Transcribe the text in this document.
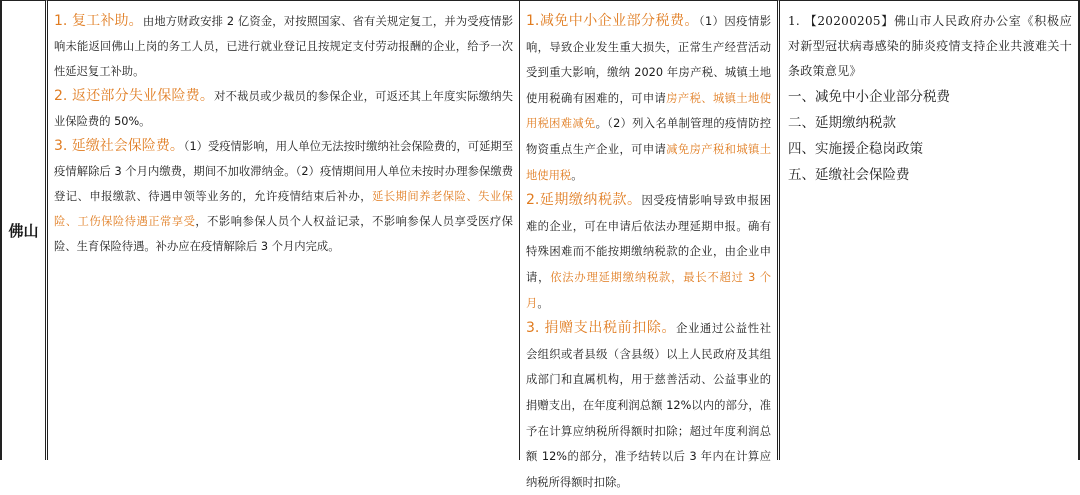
佛山

1. 复工补助。由地方财政安排 2 亿资金，对按照国家、省有关规定复工，并为受疫情影响未能返回佛山上岗的务工人员，已进行就业登记且按规定支付劳动报酬的企业，给予一次性延迟复工补助。

2. 返还部分失业保险费。对不裁员或少裁员的参保企业，可返还其上年度实际缴纳失业保险费的 50%。

3. 延缴社会保险费。（1）受疫情影响，用人单位无法按时缴纳社会保险费的，可延期至疫情解除后 3 个月内缴费，期间不加收滞纳金。（2）疫情期间用人单位未按时办理参保缴费登记、申报缴款、待遇申领等业务的，允许疫情结束后补办，延长期间养老保险、失业保险、工伤保险待遇正常享受，不影响参保人员个人权益记录，不影响参保人员享受医疗保险、生育保险待遇。补办应在疫情解除后 3 个月内完成。

1.减免中小企业部分税费。（1）因疫情影响，导致企业发生重大损失，正常生产经营活动受到重大影响，缴纳 2020 年房产税、城镇土地使用税确有困难的，可申请房产税、城镇土地使用税困难减免。（2）列入名单制管理的疫情防控物资重点生产企业，可申请减免房产税和城镇土地使用税。

2.延期缴纳税款。因受疫情影响导致申报困难的企业，可在申请后依法办理延期申报。确有特殊困难而不能按期缴纳税款的企业，由企业申请，依法办理延期缴纳税款，最长不超过 3 个月。

3. 捐赠支出税前扣除。企业通过公益性社会组织或者县级（含县级）以上人民政府及其组成部门和直属机构，用于慈善活动、公益事业的捐赠支出，在年度利润总额 12%以内的部分，准予在计算应纳税所得额时扣除；超过年度利润总额 12%的部分，准予结转以后 3 年内在计算应纳税所得额时扣除。

1. 【20200205】佛山市人民政府办公室《积极应对新型冠状病毒感染的肺炎疫情支持企业共渡难关十条政策意见》

一、减免中小企业部分税费

二、延期缴纳税款

四、实施援企稳岗政策

五、延缴社会保险费
